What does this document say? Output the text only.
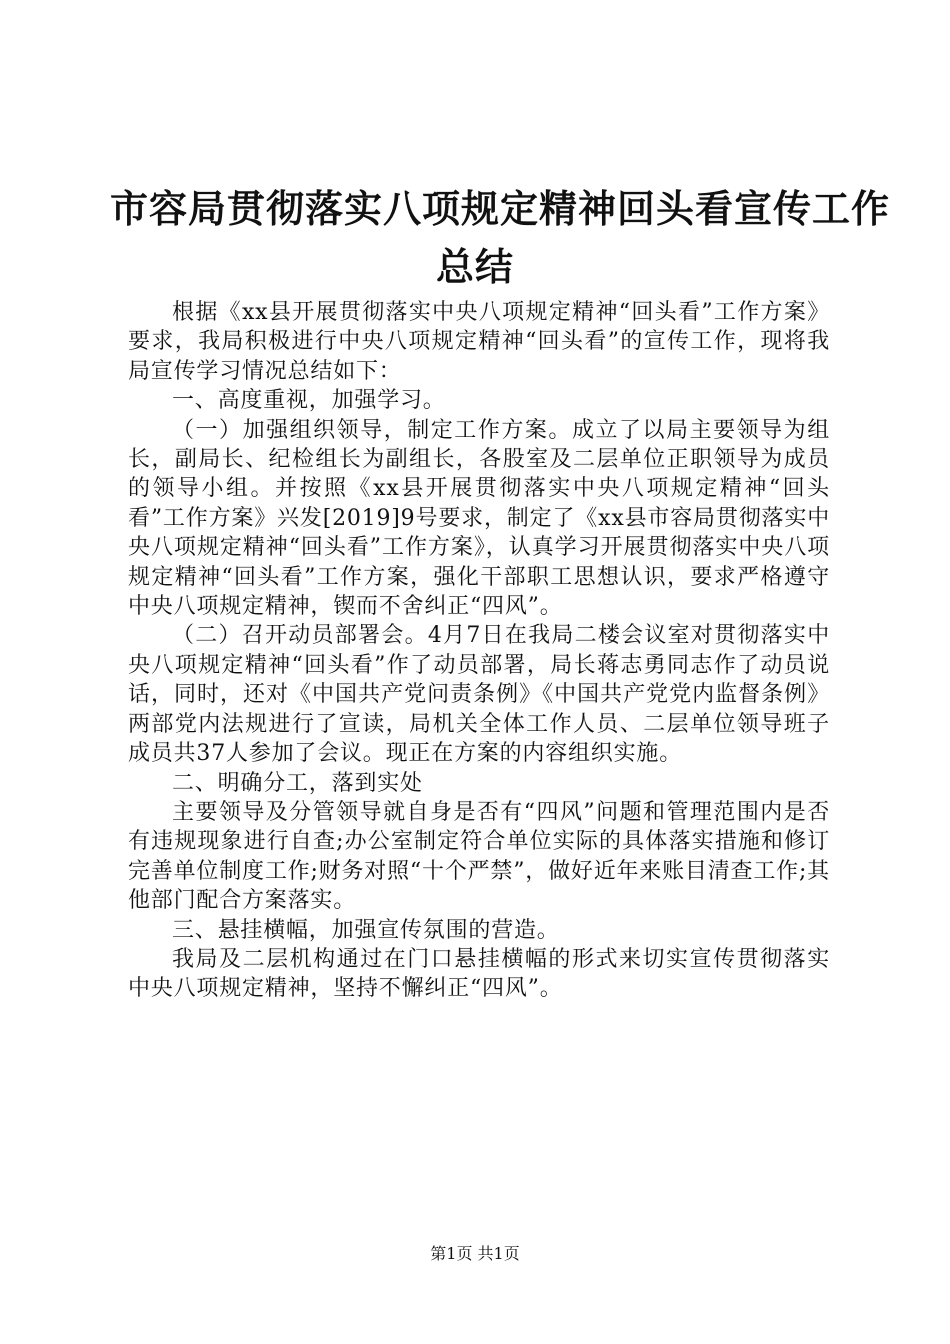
市容局贯彻落实八项规定精神回头看宣传工作
总结

根据《xx县开展贯彻落实中央八项规定精神“回头看”工作方案》要求，我局积极进行中央八项规定精神“回头看”的宣传工作，现将我局宣传学习情况总结如下：

一、高度重视，加强学习。

（一）加强组织领导，制定工作方案。成立了以局主要领导为组长，副局长、纪检组长为副组长，各股室及二层单位正职领导为成员的领导小组。并按照《xx县开展贯彻落实中央八项规定精神“回头看”工作方案》兴发[2019]9号要求，制定了《xx县市容局贯彻落实中央八项规定精神“回头看”工作方案》，认真学习开展贯彻落实中央八项规定精神“回头看”工作方案，强化干部职工思想认识，要求严格遵守中央八项规定精神，锲而不舍纠正“四风”。

（二）召开动员部署会。4月7日在我局二楼会议室对贯彻落实中央八项规定精神“回头看”作了动员部署，局长蒋志勇同志作了动员说话，同时，还对《中国共产党问责条例》《中国共产党党内监督条例》两部党内法规进行了宣读，局机关全体工作人员、二层单位领导班子成员共37人参加了会议。现正在方案的内容组织实施。

二、明确分工，落到实处

主要领导及分管领导就自身是否有“四风”问题和管理范围内是否有违规现象进行自查;办公室制定符合单位实际的具体落实措施和修订完善单位制度工作;财务对照“十个严禁”，做好近年来账目清查工作;其他部门配合方案落实。

三、悬挂横幅，加强宣传氛围的营造。

我局及二层机构通过在门口悬挂横幅的形式来切实宣传贯彻落实中央八项规定精神，坚持不懈纠正“四风”。

第1页 共1页
